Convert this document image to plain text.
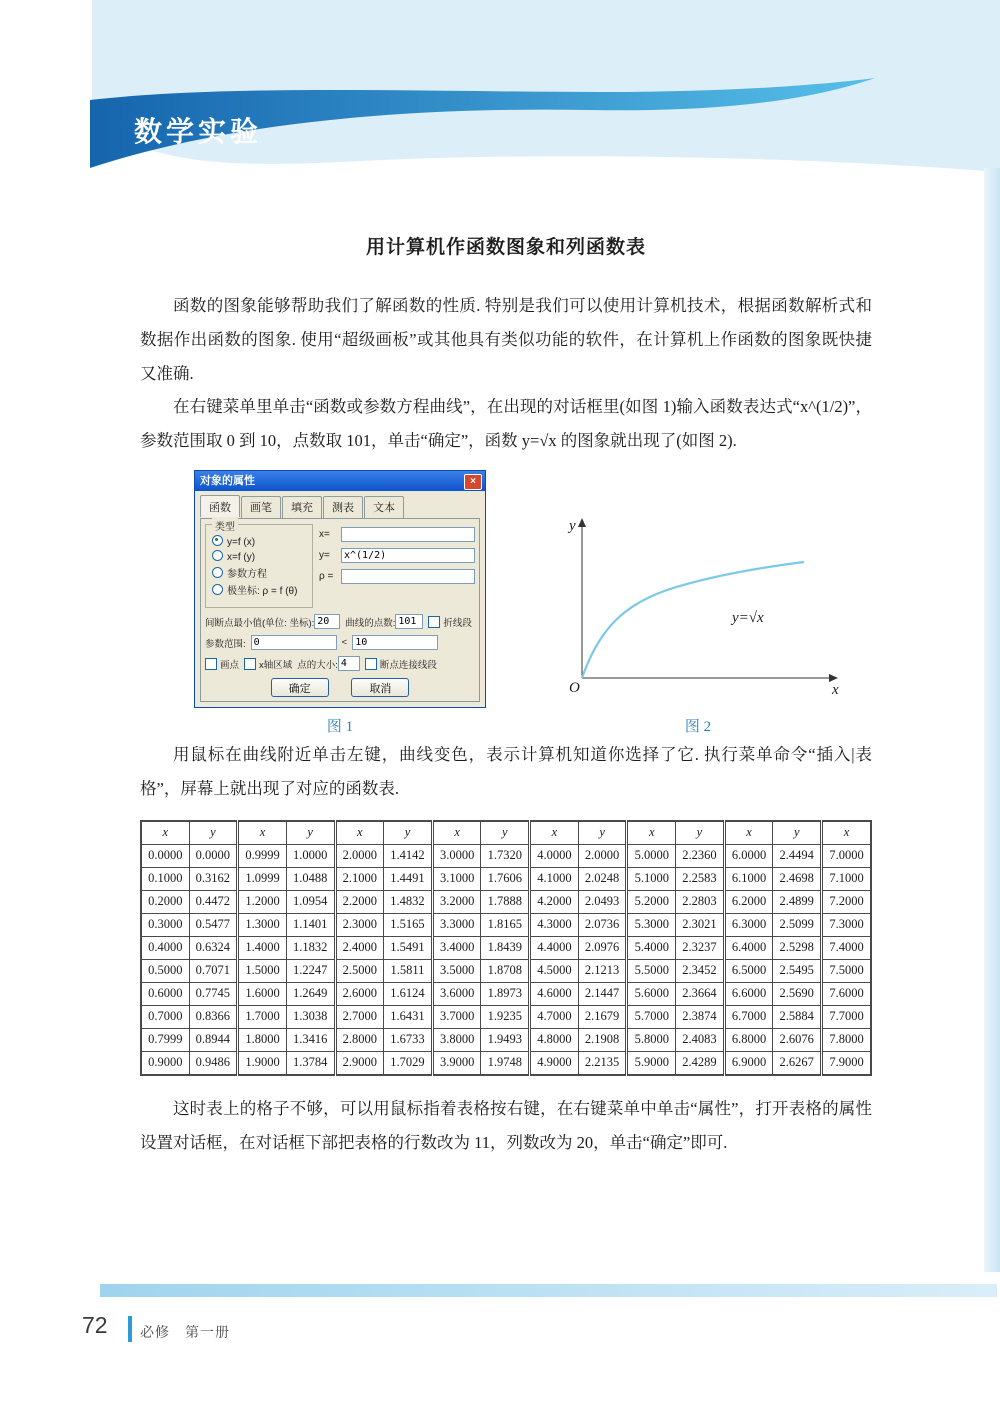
数学实验
用计算机作函数图象和列函数表

函数的图象能够帮助我们了解函数的性质. 特别是我们可以使用计算机技术，根据函数解析式和数据作出函数的图象. 使用“超级画板”或其他具有类似功能的软件，在计算机上作函数的图象既快捷又准确.

在右键菜单里单击“函数或参数方程曲线”，在出现的对话框里(如图 1)输入函数表达式“x^(1/2)”，参数范围取 0 到 10，点数取 101，单击“确定”，函数 y=√x 的图象就出现了(如图 2).

对象的属性	×
函数	画笔	填充	测表	文本
类型
y=f (x)
x=f (y)
参数方程
极坐标: ρ = f (θ)
x=
y=
x^(1/2)
ρ =
间断点最小值(单位: 坐标):
20	曲线的点数:
101	折线段
参数范围:
0	<
10
画点 x轴区域 点的大小:
4	断点连接线段
确定	取消
y
x
O
y=√x
图 1	图 2

用鼠标在曲线附近单击左键，曲线变色，表示计算机知道你选择了它. 执行菜单命令“插入|表格”，屏幕上就出现了对应的函数表.

x	y	x	y	x	y	x	y	x	y	x	y	x	y	x
0.0000	0.0000	0.9999	1.0000	2.0000	1.4142	3.0000	1.7320	4.0000	2.0000	5.0000	2.2360	6.0000	2.4494	7.0000
0.1000	0.3162	1.0999	1.0488	2.1000	1.4491	3.1000	1.7606	4.1000	2.0248	5.1000	2.2583	6.1000	2.4698	7.1000
0.2000	0.4472	1.2000	1.0954	2.2000	1.4832	3.2000	1.7888	4.2000	2.0493	5.2000	2.2803	6.2000	2.4899	7.2000
0.3000	0.5477	1.3000	1.1401	2.3000	1.5165	3.3000	1.8165	4.3000	2.0736	5.3000	2.3021	6.3000	2.5099	7.3000
0.4000	0.6324	1.4000	1.1832	2.4000	1.5491	3.4000	1.8439	4.4000	2.0976	5.4000	2.3237	6.4000	2.5298	7.4000
0.5000	0.7071	1.5000	1.2247	2.5000	1.5811	3.5000	1.8708	4.5000	2.1213	5.5000	2.3452	6.5000	2.5495	7.5000
0.6000	0.7745	1.6000	1.2649	2.6000	1.6124	3.6000	1.8973	4.6000	2.1447	5.6000	2.3664	6.6000	2.5690	7.6000
0.7000	0.8366	1.7000	1.3038	2.7000	1.6431	3.7000	1.9235	4.7000	2.1679	5.7000	2.3874	6.7000	2.5884	7.7000
0.7999	0.8944	1.8000	1.3416	2.8000	1.6733	3.8000	1.9493	4.8000	2.1908	5.8000	2.4083	6.8000	2.6076	7.8000
0.9000	0.9486	1.9000	1.3784	2.9000	1.7029	3.9000	1.9748	4.9000	2.2135	5.9000	2.4289	6.9000	2.6267	7.9000

这时表上的格子不够，可以用鼠标指着表格按右键，在右键菜单中单击“属性”，打开表格的属性设置对话框，在对话框下部把表格的行数改为 11，列数改为 20，单击“确定”即可.

72 必修　第一册
